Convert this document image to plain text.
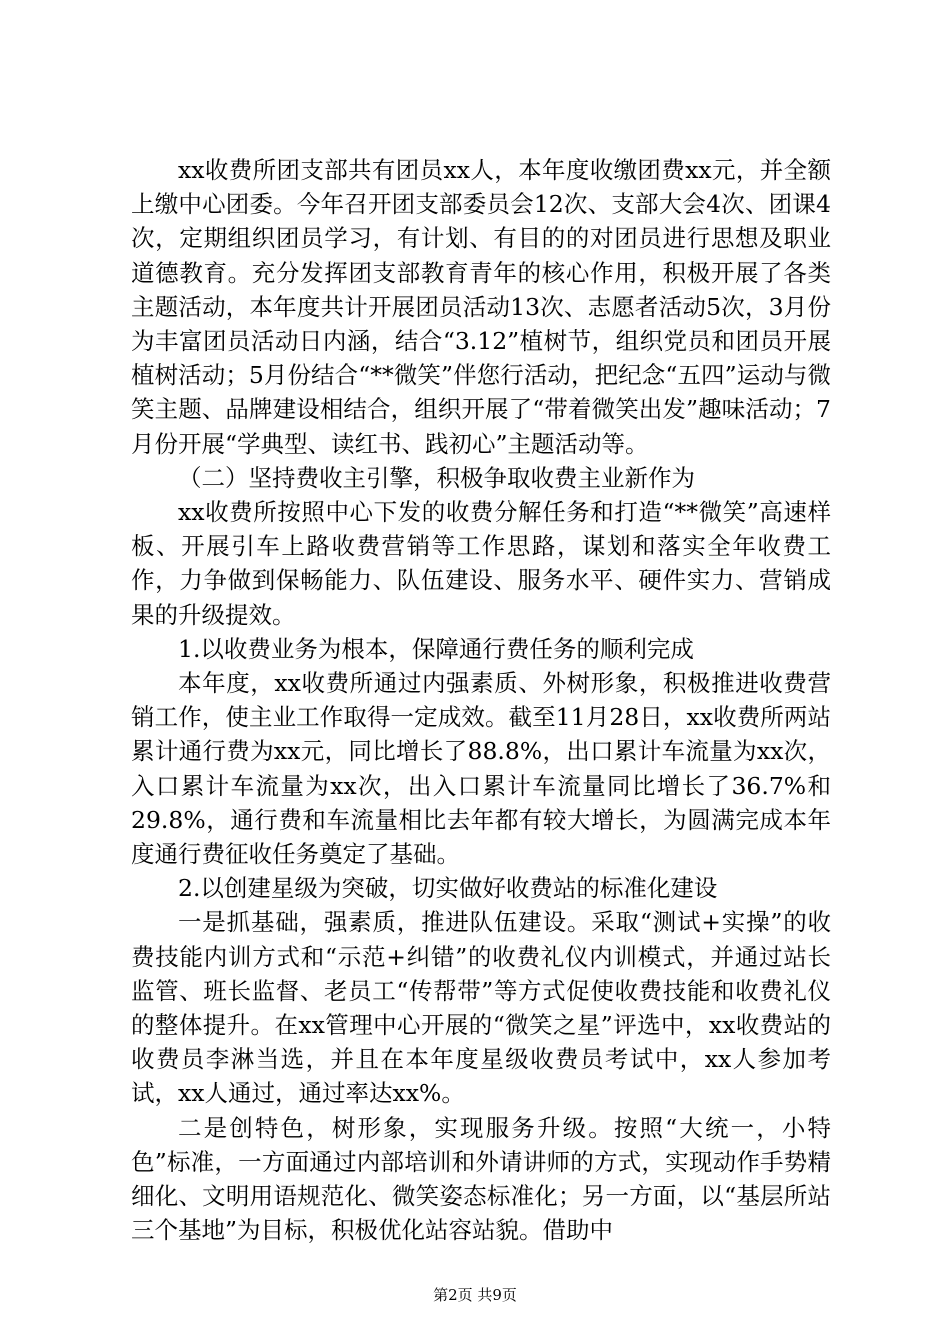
xx收费所团支部共有团员xx人，本年度收缴团费xx元，并全额上缴中心团委。今年召开团支部委员会12次、支部大会4次、团课4次，定期组织团员学习，有计划、有目的的对团员进行思想及职业道德教育。充分发挥团支部教育青年的核心作用，积极开展了各类主题活动，本年度共计开展团员活动13次、志愿者活动5次，3月份为丰富团员活动日内涵，结合“3.12”植树节，组织党员和团员开展植树活动；5月份结合“**微笑”伴您行活动，把纪念“五四”运动与微笑主题、品牌建设相结合，组织开展了“带着微笑出发”趣味活动；7月份开展“学典型、读红书、践初心”主题活动等。

（二）坚持费收主引擎，积极争取收费主业新作为

xx收费所按照中心下发的收费分解任务和打造“**微笑”高速样板、开展引车上路收费营销等工作思路，谋划和落实全年收费工作，力争做到保畅能力、队伍建设、服务水平、硬件实力、营销成果的升级提效。

1.以收费业务为根本，保障通行费任务的顺利完成

本年度，xx收费所通过内强素质、外树形象，积极推进收费营销工作，使主业工作取得一定成效。截至11月28日，xx收费所两站累计通行费为xx元，同比增长了88.8%，出口累计车流量为xx次，入口累计车流量为xx次，出入口累计车流量同比增长了36.7%和29.8%，通行费和车流量相比去年都有较大增长，为圆满完成本年度通行费征收任务奠定了基础。

2.以创建星级为突破，切实做好收费站的标准化建设

一是抓基础，强素质，推进队伍建设。采取“测试+实操”的收费技能内训方式和“示范+纠错”的收费礼仪内训模式，并通过站长监管、班长监督、老员工“传帮带”等方式促使收费技能和收费礼仪的整体提升。在xx管理中心开展的“微笑之星”评选中，xx收费站的收费员李淋当选，并且在本年度星级收费员考试中，xx人参加考试，xx人通过，通过率达xx%。

二是创特色，树形象，实现服务升级。按照“大统一，小特色”标准，一方面通过内部培训和外请讲师的方式，实现动作手势精细化、文明用语规范化、微笑姿态标准化；另一方面，以“基层所站三个基地”为目标，积极优化站容站貌。借助中

第2页 共9页
